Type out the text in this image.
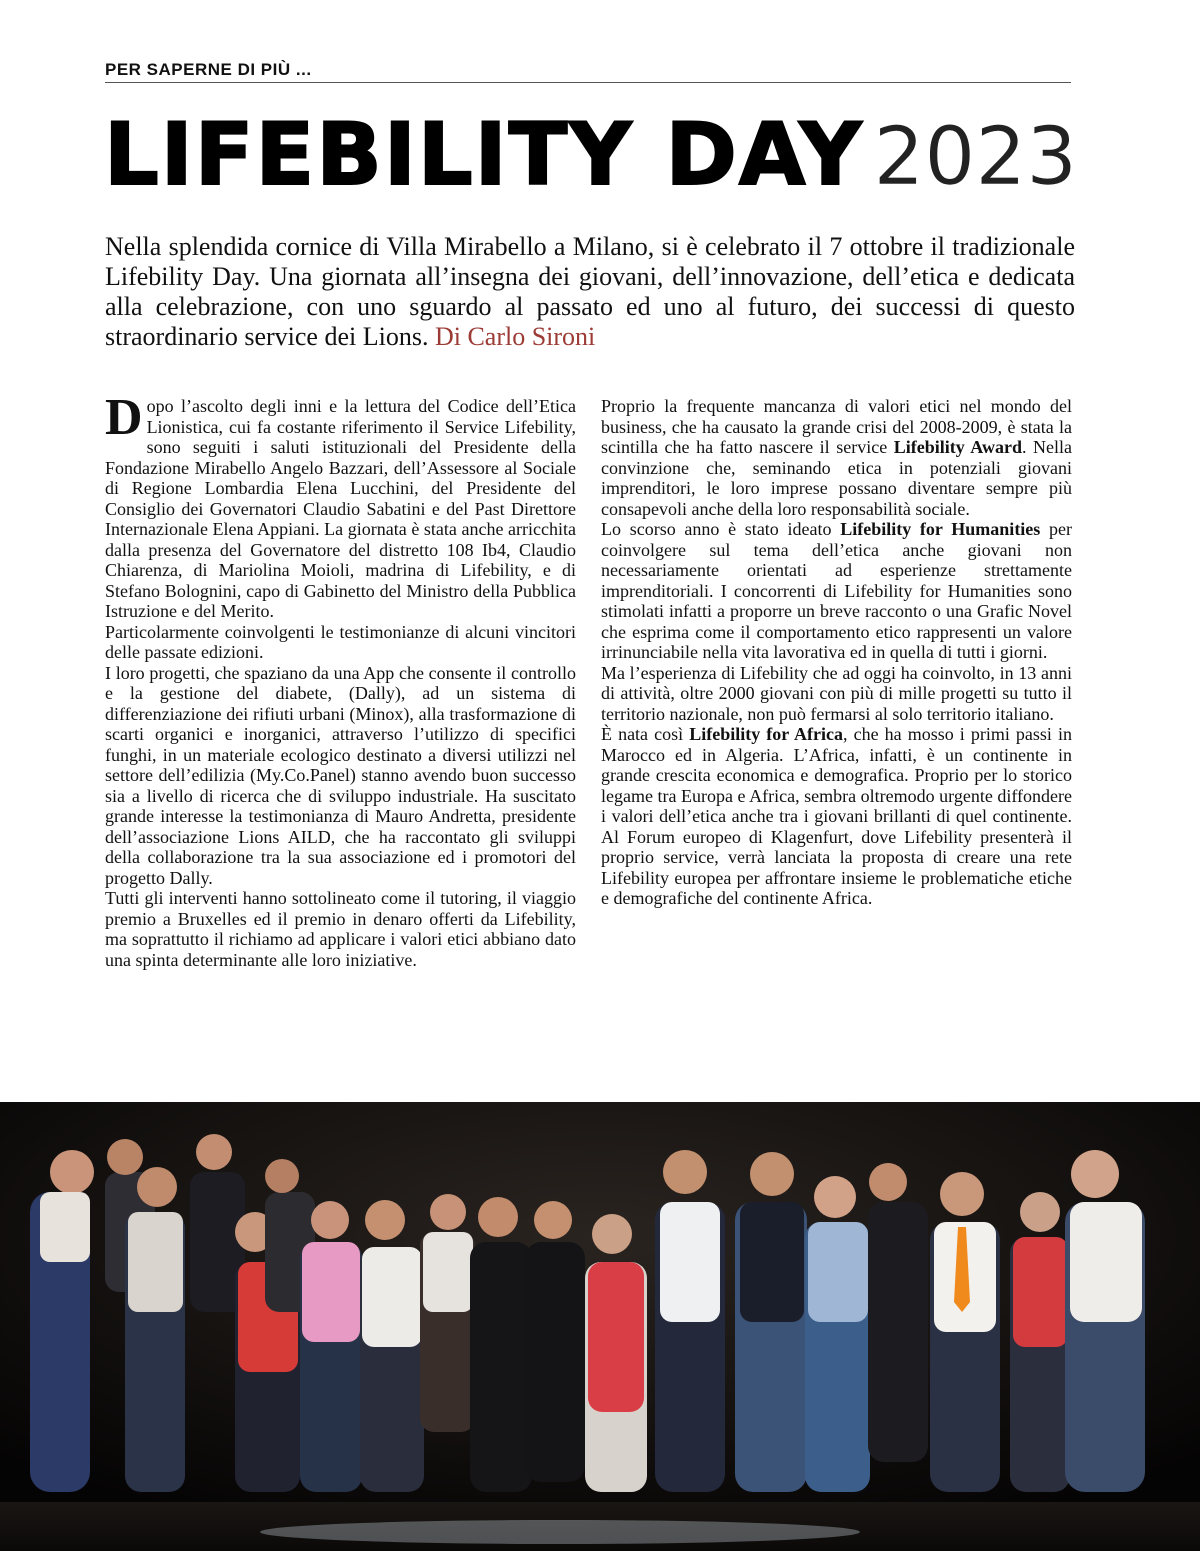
PER SAPERNE DI PIÙ ...
LIFEBILITY DAY 2023
Nella splendida cornice di Villa Mirabello a Milano, si è celebrato il 7 ottobre il tradizionale Lifebility Day. Una giornata all’insegna dei giovani, dell’innovazione, dell’etica e dedicata alla celebrazione, con uno sguardo al passato ed uno al futuro, dei successi di questo straordinario service dei Lions. Di Carlo Sironi

Dopo l’ascolto degli inni e la lettura del Codice dell’Etica Lionistica, cui fa costante riferimento il Service Lifebility, sono seguiti i saluti istituzionali del Presidente della Fondazione Mirabello Angelo Bazzari, dell’Assessore al Sociale di Regione Lombardia Elena Lucchini, del Presidente del Consiglio dei Governatori Claudio Sabatini e del Past Direttore Internazionale Elena Appiani. La giornata è stata anche arricchita dalla presenza del Governatore del distretto 108 Ib4, Claudio Chiarenza, di Mariolina Moioli, madrina di Lifebility, e di Stefano Bolognini, capo di Gabinetto del Ministro della Pubblica Istruzione e del Merito.

Particolarmente coinvolgenti le testimonianze di alcuni vincitori delle passate edizioni.

I loro progetti, che spaziano da una App che consente il controllo e la gestione del diabete, (Dally), ad un sistema di differenziazione dei rifiuti urbani (Minox), alla trasformazione di scarti organici e inorganici, attraverso l’utilizzo di specifici funghi, in un materiale ecologico destinato a diversi utilizzi nel settore dell’edilizia (My.Co.Panel) stanno avendo buon successo sia a livello di ricerca che di sviluppo industriale. Ha suscitato grande interesse la testimonianza di Mauro Andretta, presidente dell’associazione Lions AILD, che ha raccontato gli sviluppi della collaborazione tra la sua associazione ed i promotori del progetto Dally.

Tutti gli interventi hanno sottolineato come il tutoring, il viaggio premio a Bruxelles ed il premio in denaro offerti da Lifebility, ma soprattutto il richiamo ad applicare i valori etici abbiano dato una spinta determinante alle loro iniziative.

Proprio la frequente mancanza di valori etici nel mondo del business, che ha causato la grande crisi del 2008-2009, è stata la scintilla che ha fatto nascere il service Lifebility Award. Nella convinzione che, seminando etica in potenziali giovani imprenditori, le loro imprese possano diventare sempre più consapevoli anche della loro responsabilità sociale.

Lo scorso anno è stato ideato Lifebility for Humanities per coinvolgere sul tema dell’etica anche giovani non necessariamente orientati ad esperienze strettamente imprenditoriali. I concorrenti di Lifebility for Humanities sono stimolati infatti a proporre un breve racconto o una Grafic Novel che esprima come il comportamento etico rappresenti un valore irrinunciabile nella vita lavorativa ed in quella di tutti i giorni.

Ma l’esperienza di Lifebility che ad oggi ha coinvolto, in 13 anni di attività, oltre 2000 giovani con più di mille progetti su tutto il territorio nazionale, non può fermarsi al solo territorio italiano.

È nata così Lifebility for Africa, che ha mosso i primi passi in Marocco ed in Algeria. L’Africa, infatti, è un continente in grande crescita economica e demografica. Proprio per lo storico legame tra Europa e Africa, sembra oltremodo urgente diffondere i valori dell’etica anche tra i giovani brillanti di quel continente. Al Forum europeo di Klagenfurt, dove Lifebility presenterà il proprio service, verrà lanciata la proposta di creare una rete Lifebility europea per affrontare insieme le problematiche etiche e demografiche del continente Africa.
